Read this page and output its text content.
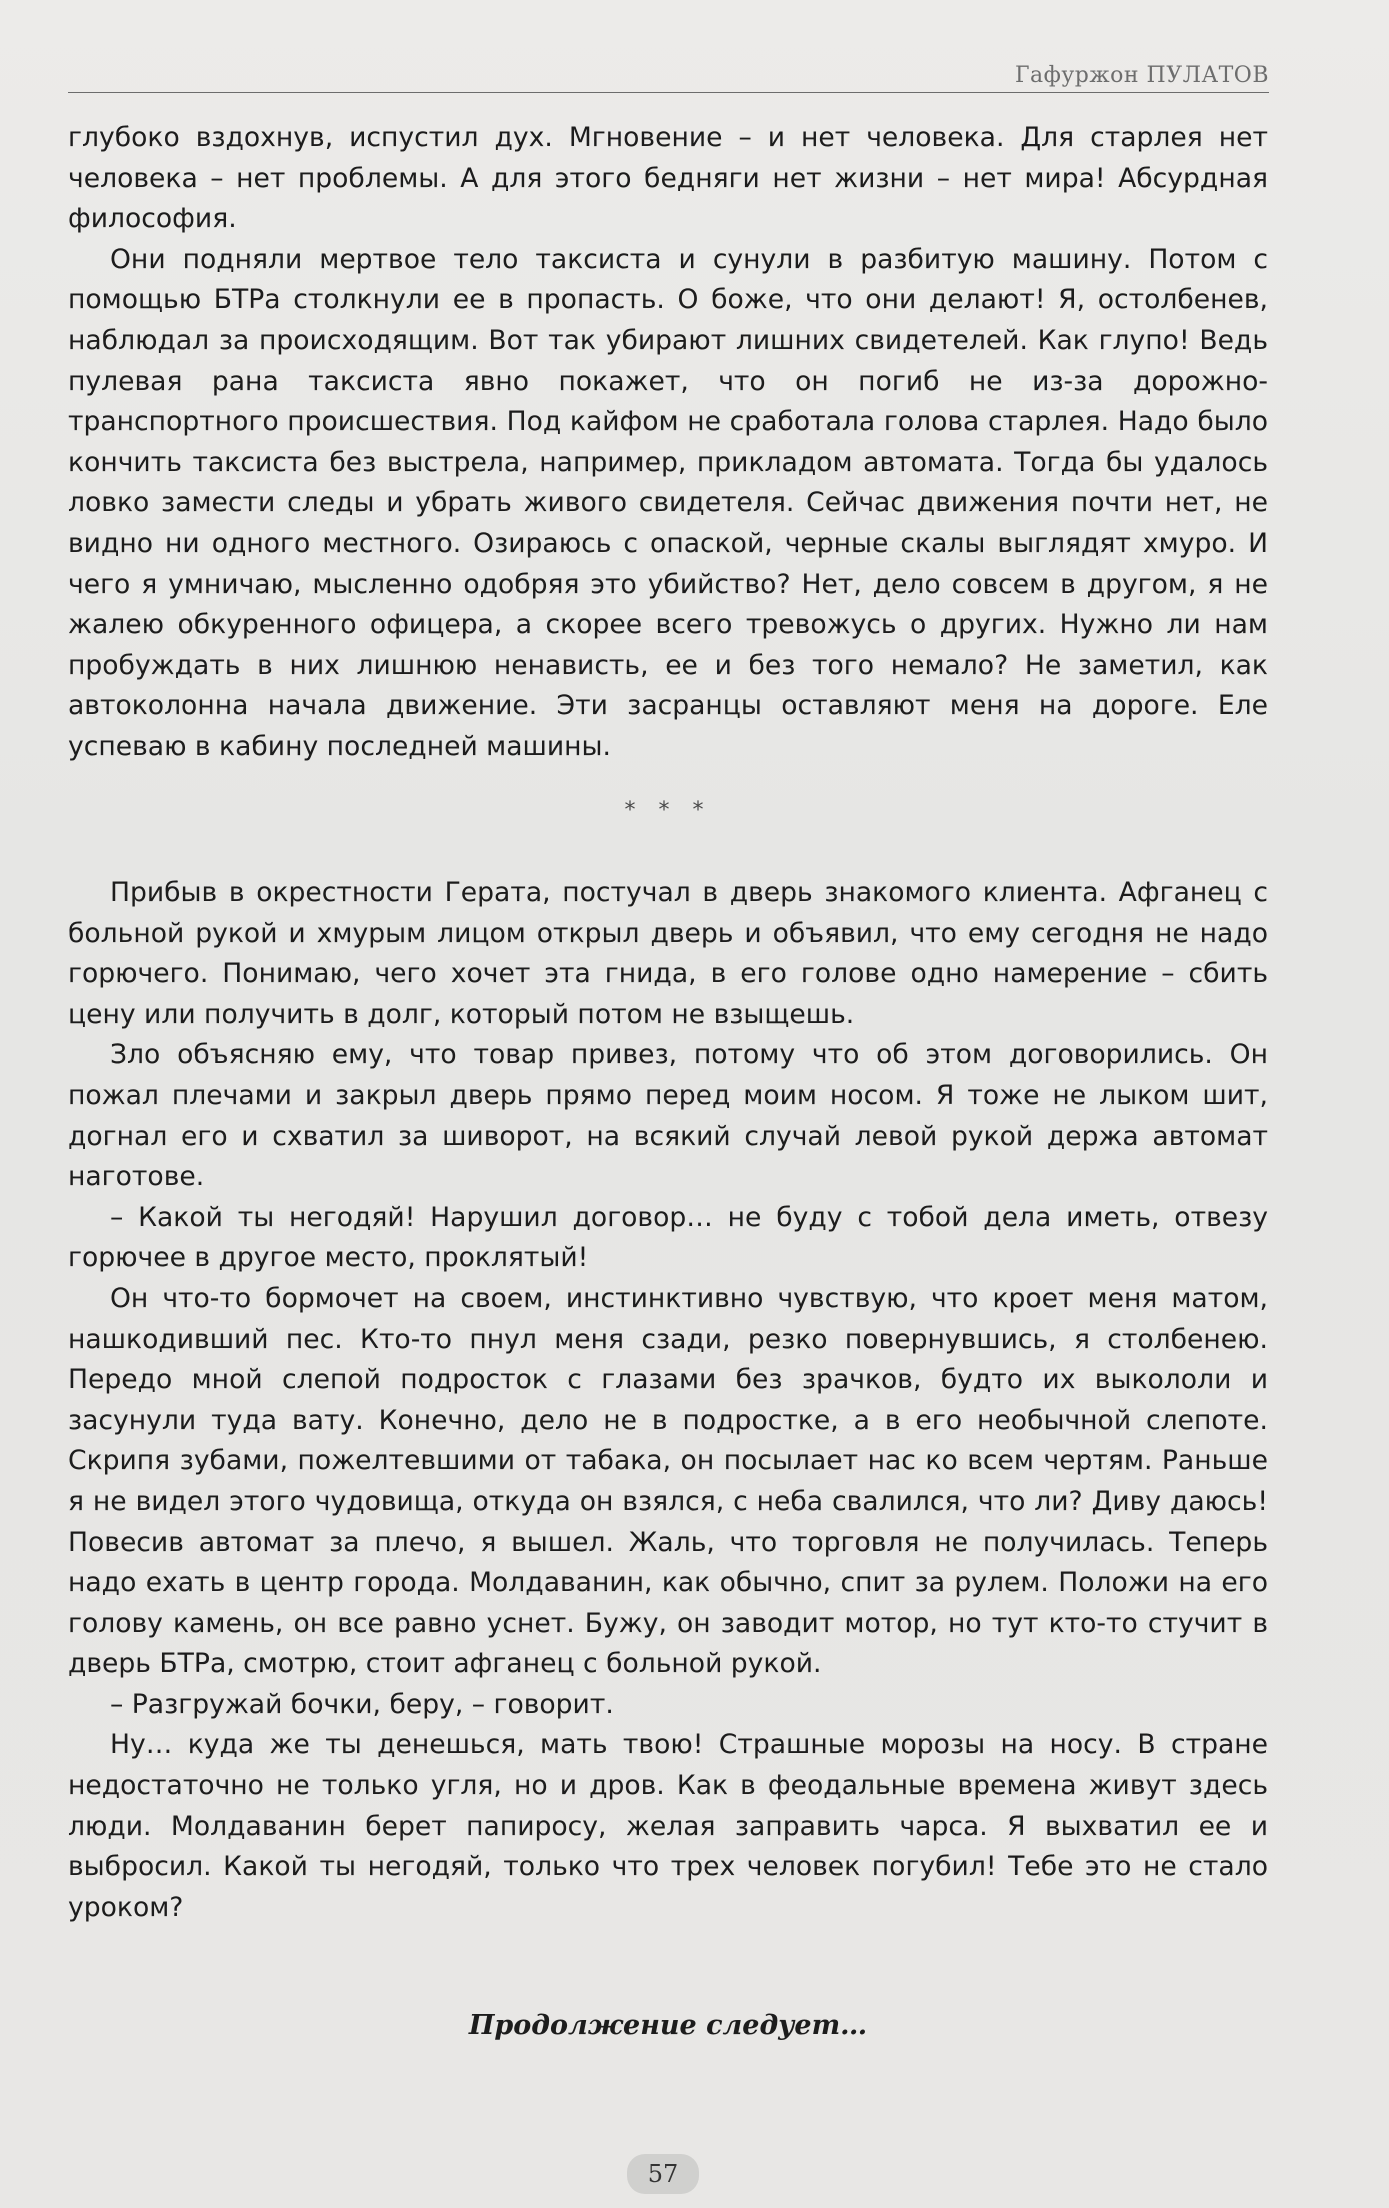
Гафуржон ПУЛАТОВ

глубоко вздохнув, испустил дух. Мгновение – и нет человека. Для старлея нет человека – нет проблемы. А для этого бедняги нет жизни – нет мира! Абсурдная философия.

Они подняли мертвое тело таксиста и сунули в разбитую машину. Потом с помощью БТРа столкнули ее в пропасть. О боже, что они делают! Я, остолбенев, наблюдал за происходящим. Вот так убирают лишних свидетелей. Как глупо! Ведь пулевая рана таксиста явно покажет, что он погиб не из-за дорожно-транспортного происшествия. Под кайфом не сработала голова старлея. Надо было кончить таксиста без выстрела, например, прикладом автомата. Тогда бы удалось ловко замести следы и убрать живого свидетеля. Сейчас движения почти нет, не видно ни одного местного. Озираюсь с опаской, черные скалы выглядят хмуро. И чего я умничаю, мысленно одобряя это убийство? Нет, дело совсем в другом, я не жалею обкуренного офицера, а скорее всего тревожусь о других. Нужно ли нам пробуждать в них лишнюю ненависть, ее и без того немало? Не заметил, как автоколонна начала движение. Эти засранцы оставляют меня на дороге. Еле успеваю в кабину последней машины.

* * *

Прибыв в окрестности Герата, постучал в дверь знакомого клиента. Афганец с больной рукой и хмурым лицом открыл дверь и объявил, что ему сегодня не надо горючего. Понимаю, чего хочет эта гнида, в его голове одно намерение – сбить цену или получить в долг, который потом не взыщешь.

Зло объясняю ему, что товар привез, потому что об этом договорились. Он пожал плечами и закрыл дверь прямо перед моим носом. Я тоже не лыком шит, догнал его и схватил за шиворот, на всякий случай левой рукой держа автомат наготове.

– Какой ты негодяй! Нарушил договор… не буду с тобой дела иметь, отвезу горючее в другое место, проклятый!

Он что-то бормочет на своем, инстинктивно чувствую, что кроет меня матом, нашкодивший пес. Кто-то пнул меня сзади, резко повернувшись, я столбенею. Передо мной слепой подросток с глазами без зрачков, будто их выкололи и засунули туда вату. Конечно, дело не в подростке, а в его необычной слепоте. Скрипя зубами, пожелтевшими от табака, он посылает нас ко всем чертям. Раньше я не видел этого чудовища, откуда он взялся, с неба свалился, что ли? Диву даюсь! Повесив автомат за плечо, я вышел. Жаль, что торговля не получилась. Теперь надо ехать в центр города. Молдаванин, как обычно, спит за рулем. Положи на его голову камень, он все равно уснет. Бужу, он заводит мотор, но тут кто-то стучит в дверь БТРа, смотрю, стоит афганец с больной рукой.

– Разгружай бочки, беру, – говорит.

Ну… куда же ты денешься, мать твою! Страшные морозы на носу. В стране недостаточно не только угля, но и дров. Как в феодальные времена живут здесь люди. Молдаванин берет папиросу, желая заправить чарса. Я выхватил ее и выбросил. Какой ты негодяй, только что трех человек погубил! Тебе это не стало уроком?

Продолжение следует…
57
